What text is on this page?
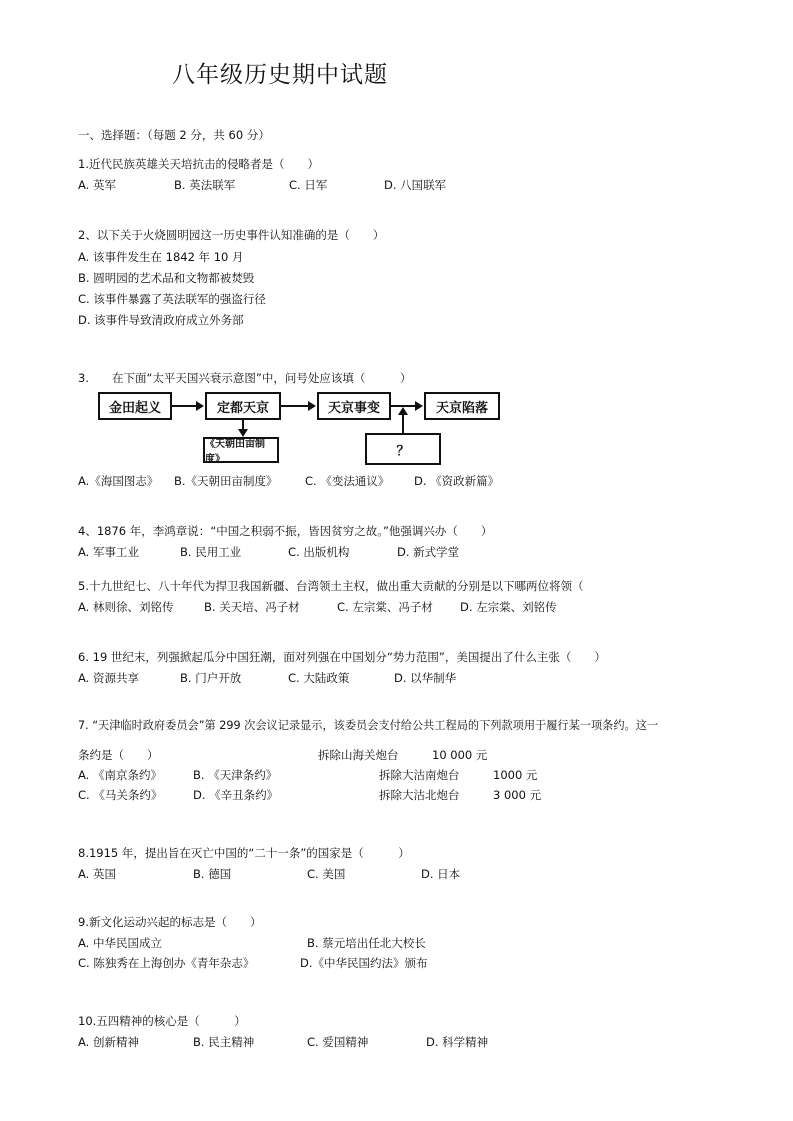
八年级历史期中试题
一、选择题：（每题 2 分，共 60 分）
1.近代民族英雄关天培抗击的侵略者是（　　）
A. 英军	B. 英法联军	C. 日军	D. 八国联军
2、以下关于火烧圆明园这一历史事件认知准确的是（　　）
A. 该事件发生在 1842 年 10 月
B. 圆明园的艺术品和文物都被焚毁
C. 该事件暴露了英法联军的强盗行径
D. 该事件导致清政府成立外务部
3.　　在下面“太平天国兴衰示意图”中，问号处应该填（　　　）
金田起义	定都天京	天京事变	天京陷落
《天朝田亩制度》
？
A.《海国图志》 B.《天朝田亩制度》 C. 《变法通议》 D. 《资政新篇》
4、1876 年，李鸿章说：“中国之积弱不振，皆因贫穷之故。”他强调兴办（　　）
A. 军事工业	B. 民用工业	C. 出版机构	D. 新式学堂
5.十九世纪七、八十年代为捍卫我国新疆、台湾领土主权，做出重大贡献的分别是以下哪两位将领（
A. 林则徐、刘铭传	B. 关天培、冯子材	C. 左宗棠、冯子材 D. 左宗棠、刘铭传
6. 19 世纪末，列强掀起瓜分中国狂潮，面对列强在中国划分“势力范围”，美国提出了什么主张（　　）
A. 资源共享	B. 门户开放	C. 大陆政策	D. 以华制华
7. “天津临时政府委员会”第 299 次会议记录显示，该委员会支付给公共工程局的下列款项用于履行某一项条约。这一
条约是（　　）	拆除山海关炮台	10 000 元
拆除大沽南炮台	1000 元
拆除大沽北炮台	3 000 元
A. 《南京条约》	B. 《天津条约》
C. 《马关条约》	D. 《辛丑条约》
8.1915 年，提出旨在灭亡中国的“二十一条”的国家是（　　　）
A. 英国	B. 德国	C. 美国	D. 日本
9.新文化运动兴起的标志是（　　）
A. 中华民国成立	B. 蔡元培出任北大校长
C. 陈独秀在上海创办《青年杂志》	D.《中华民国约法》颁布
10.五四精神的核心是（　　　）
A. 创新精神	B. 民主精神	C. 爱国精神	D. 科学精神
